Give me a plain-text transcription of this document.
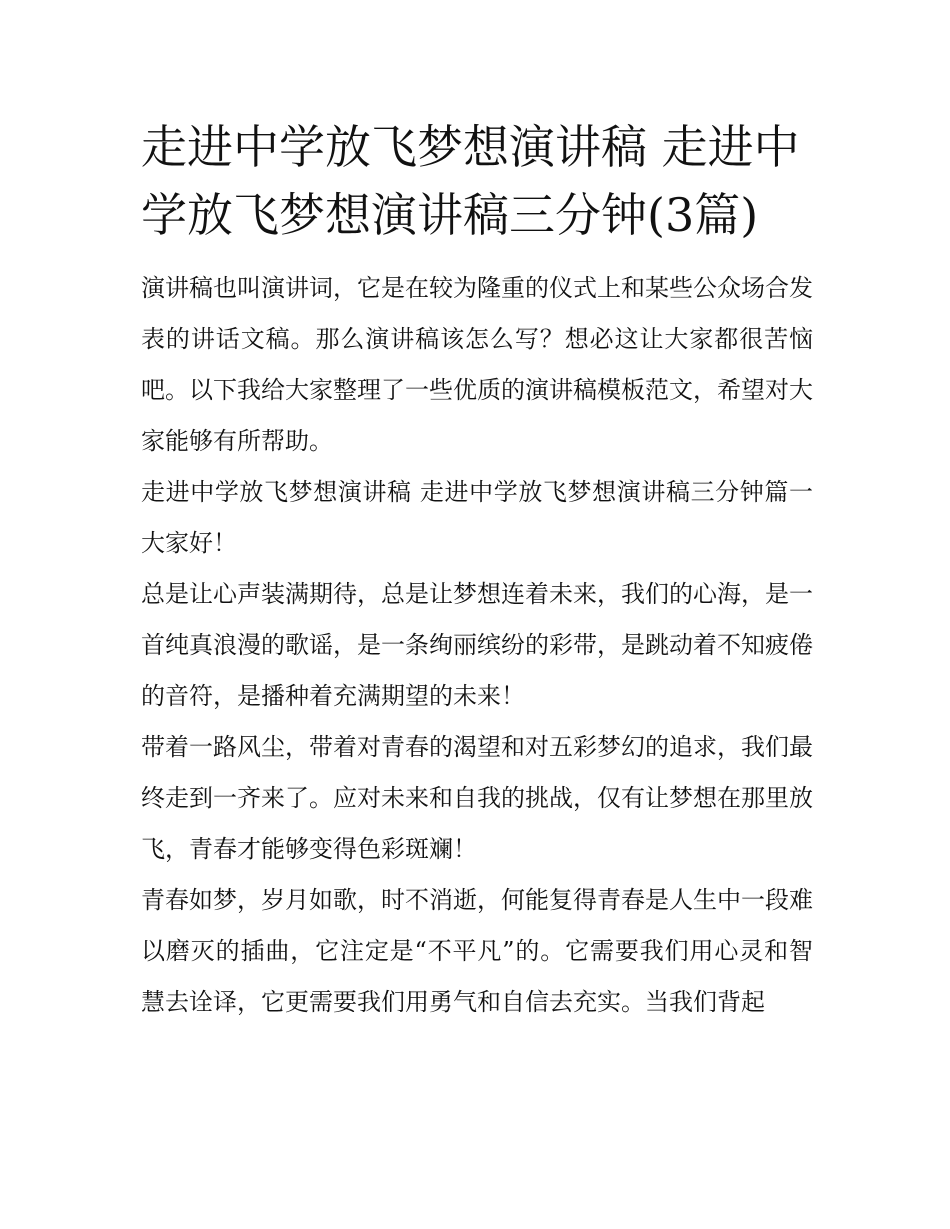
走进中学放飞梦想演讲稿 走进中学放飞梦想演讲稿三分钟(3篇)

演讲稿也叫演讲词，它是在较为隆重的仪式上和某些公众场合发表的讲话文稿。那么演讲稿该怎么写？想必这让大家都很苦恼吧。以下我给大家整理了一些优质的演讲稿模板范文，希望对大家能够有所帮助。

走进中学放飞梦想演讲稿 走进中学放飞梦想演讲稿三分钟篇一 大家好！

总是让心声装满期待，总是让梦想连着未来，我们的心海，是一首纯真浪漫的歌谣，是一条绚丽缤纷的彩带，是跳动着不知疲倦的音符，是播种着充满期望的未来！

带着一路风尘，带着对青春的渴望和对五彩梦幻的追求，我们最终走到一齐来了。应对未来和自我的挑战，仅有让梦想在那里放飞，青春才能够变得色彩斑斓！

青春如梦，岁月如歌，时不消逝，何能复得青春是人生中一段难以磨灭的插曲，它注定是“不平凡”的。它需要我们用心灵和智慧去诠译，它更需要我们用勇气和自信去充实。当我们背起
